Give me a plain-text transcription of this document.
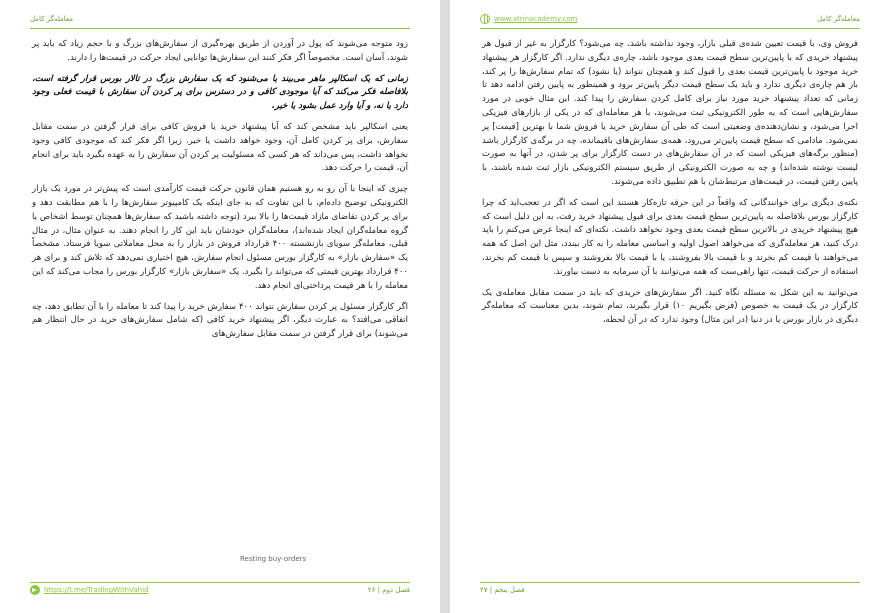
معامله‌گر کامل

زود متوجه می‌شوند که پول در آوردن از طریق بهره‌گیری از سفارش‌های بزرگ و با حجم زیاد که باید پر شوند، آسان است. مخصوصاً اگر فکر کنند این سفارش‌ها توانایی ایجاد حرکت در قیمت‌ها را دارند.

زمانی که یک اسکالپر ماهر می‌بیند یا می‌شنود که یک سفارش بزرگ در تالار بورس قرار گرفته است، بلافاصله فکر می‌کند که آیا موجودی کافی و در دسترس برای پر کردن آن سفارش با قیمت فعلی وجود دارد یا نه، و آیا وارد عمل بشود یا خیر.

یعنی اسکالپر باید مشخص کند که آیا پیشنهاد خرید یا فروش کافی برای قرار گرفتن در سمت مقابل سفارش، برای پر کردن کامل آن، وجود خواهد داشت یا خیر. زیرا اگر فکر کند که موجودی کافی وجود نخواهد داشت، پس می‌داند که هر کسی که مسئولیت پر کردن آن سفارش را به عهده بگیرد باید برای انجام آن، قیمت را حرکت دهد.

چیزی که اینجا با آن رو به رو هستیم همان قانون حرکت قیمت کارآمدی است که پیش‌تر در مورد یک بازار الکترونیکی توضیح داده‌ام، با این تفاوت که به جای اینکه یک کامپیوتر سفارش‌ها را با هم مطابقت دهد و برای پر کردن تقاضای مازاد قیمت‌ها را بالا ببرد (توجه داشته باشید که سفارش‌ها همچنان توسط اشخاص یا گروه معامله‌گران ایجاد شده‌اند)، معامله‌گران خودشان باید این کار را انجام دهند. به عنوان مثال، در مثال قبلی، معامله‌گر سویای بازنشسته ۴۰۰ قرارداد فروش در بازار را به محل معاملاتی سویا فرستاد. مشخصاً یک «سفارش بازار» به کارگزار بورس مسئول انجام سفارش، هیچ اختیاری نمی‌دهد که تلاش کند و برای هر ۴۰۰ قرارداد بهترین قیمتی که می‌تواند را بگیرد. یک «سفارش بازار» کارگزار بورس را مجاب می‌کند که این معامله را با هر قیمت پرداختی‌ای انجام دهد.

اگر کارگزار مسئول پر کردن سفارش نتواند ۴۰۰ سفارش خرید را پیدا کند تا معامله را با آن تطابق دهد، چه اتفاقی می‌افتد؟ به عبارت دیگر، اگر پیشنهاد خرید کافی (که شامل سفارش‌های خرید در حال انتظار هم می‌شوند) برای قرار گرفتن در سمت مقابل سفارش‌های

Resting buy-orders
https://t.me/TradingWithVahid	۲۶ | فصل دوم
www.atrinacademy.com	معامله‌گر کامل

فروش وی، با قیمت تعیین شده‌ی قبلی بازار، وجود نداشته باشد، چه می‌شود؟ کارگزار به غیر از قبول هر پیشنهاد خریدی که با پایین‌ترین سطح قیمت بعدی موجود باشد، چاره‌ی دیگری ندارد. اگر کارگزار هر پیشنهاد خرید موجود با پایین‌ترین قیمت بعدی را قبول کند و همچنان نتواند (یا نشود) که تمام سفارش‌ها را پر کند، باز هم چاره‌ی دیگری ندارد و باید یک سطح قیمت دیگر پایین‌تر برود و همینطور به پایین رفتن ادامه دهد تا زمانی که تعداد پیشنهاد خرید مورد نیاز برای کامل کردن سفارش را پیدا کند. این مثال خوبی در مورد سفارش‌هایی است که به طور الکترونیکی ثبت می‌شوند، با هر معامله‌ای که در یکی از بازارهای فیزیکی اجرا می‌شود، و نشان‌دهنده‌ی وضعیتی است که طی آن سفارش خرید یا فروش شما با بهترین [قیمت] پر نمی‌شود. مادامی که سطح قیمت پایین‌تر می‌رود، همه‌ی سفارش‌های باقیمانده، چه در برگه‌ی کارگزار باشد (منظور برگه‌های فیزیکی است که در آن سفارش‌های در دست کارگزار برای پر شدن، در آنها به صورت لیست نوشته شده‌اند) و چه به صورت الکترونیکی از طریق سیستم الکترونیکی بازار ثبت شده باشند، با پایین رفتن قیمت، در قیمت‌های مرتبط‌شان با هم تطبیق داده می‌شوند.

نکته‌ی دیگری برای خوانندگانی که واقعاً در این حرفه تازه‌کار هستند این است که اگر در تعجب‌اید که چرا کارگزار بورس بلافاصله به پایین‌ترین سطح قیمت بعدی برای قبول پیشنهاد خرید رفت، به این دلیل است که هیچ پیشنهاد خریدی در بالاترین سطح قیمت بعدی وجود نخواهد داشت. نکته‌ای که اینجا عرض می‌کنم را باید درک کنید، هر معامله‌گری که می‌خواهد اصول اولیه و اساسی معامله را به کار ببندد، مثل این اصل که همه می‌خواهند با قیمت کم بخرند و با قیمت بالا بفروشند، یا با قیمت بالا بفروشند و سپس با قیمت کم بخرند، استفاده از حرکت قیمت، تنها راهی‌ست که همه می‌توانند با آن سرمایه به دست بیاورند.

می‌توانید به این شکل به مسئله نگاه کنید. اگر سفارش‌های خریدی که باید در سمت مقابل معامله‌ی یک کارگزار در یک قیمت به خصوص (فرض بگیریم ۱۰) قرار بگیرند، تمام شوند، بدین معناست که معامله‌گر دیگری در بازار بورس یا در دنیا (در این مثال) وجود ندارد که در آن لحظه،

فصل پنجم | ۲۷
